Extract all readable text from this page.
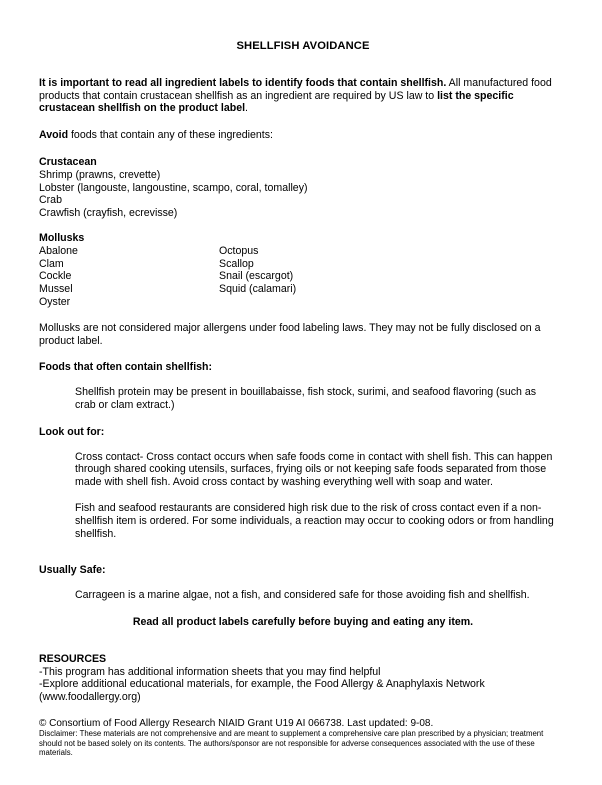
SHELLFISH AVOIDANCE

It is important to read all ingredient labels to identify foods that contain shellfish. All manufactured food products that contain crustacean shellfish as an ingredient are required by US law to list the specific crustacean shellfish on the product label.

Avoid foods that contain any of these ingredients:

Crustacean
Shrimp (prawns, crevette)
Lobster (langouste, langoustine, scampo, coral, tomalley)
Crab
Crawfish (crayfish, ecrevisse)
Mollusks
Abalone
Clam
Cockle
Mussel
Oyster
Octopus
Scallop
Snail (escargot)
Squid (calamari)

Mollusks are not considered major allergens under food labeling laws. They may not be fully disclosed on a product label.

Foods that often contain shellfish:

Shellfish protein may be present in bouillabaisse, fish stock, surimi, and seafood flavoring (such as crab or clam extract.)

Look out for:

Cross contact- Cross contact occurs when safe foods come in contact with shell fish. This can happen through shared cooking utensils, surfaces, frying oils or not keeping safe foods separated from those made with shell fish. Avoid cross contact by washing everything well with soap and water.

Fish and seafood restaurants are considered high risk due to the risk of cross contact even if a non-shellfish item is ordered. For some individuals, a reaction may occur to cooking odors or from handling shellfish.

Usually Safe:

Carrageen is a marine algae, not a fish, and considered safe for those avoiding fish and shellfish.

Read all product labels carefully before buying and eating any item.
RESOURCES
-This program has additional information sheets that you may find helpful
-Explore additional educational materials, for example, the Food Allergy & Anaphylaxis Network (www.foodallergy.org)
© Consortium of Food Allergy Research NIAID Grant U19 AI 066738. Last updated: 9-08.
Disclaimer: These materials are not comprehensive and are meant to supplement a comprehensive care plan prescribed by a physician; treatment should not be based solely on its contents. The authors/sponsor are not responsible for adverse consequences associated with the use of these materials.
